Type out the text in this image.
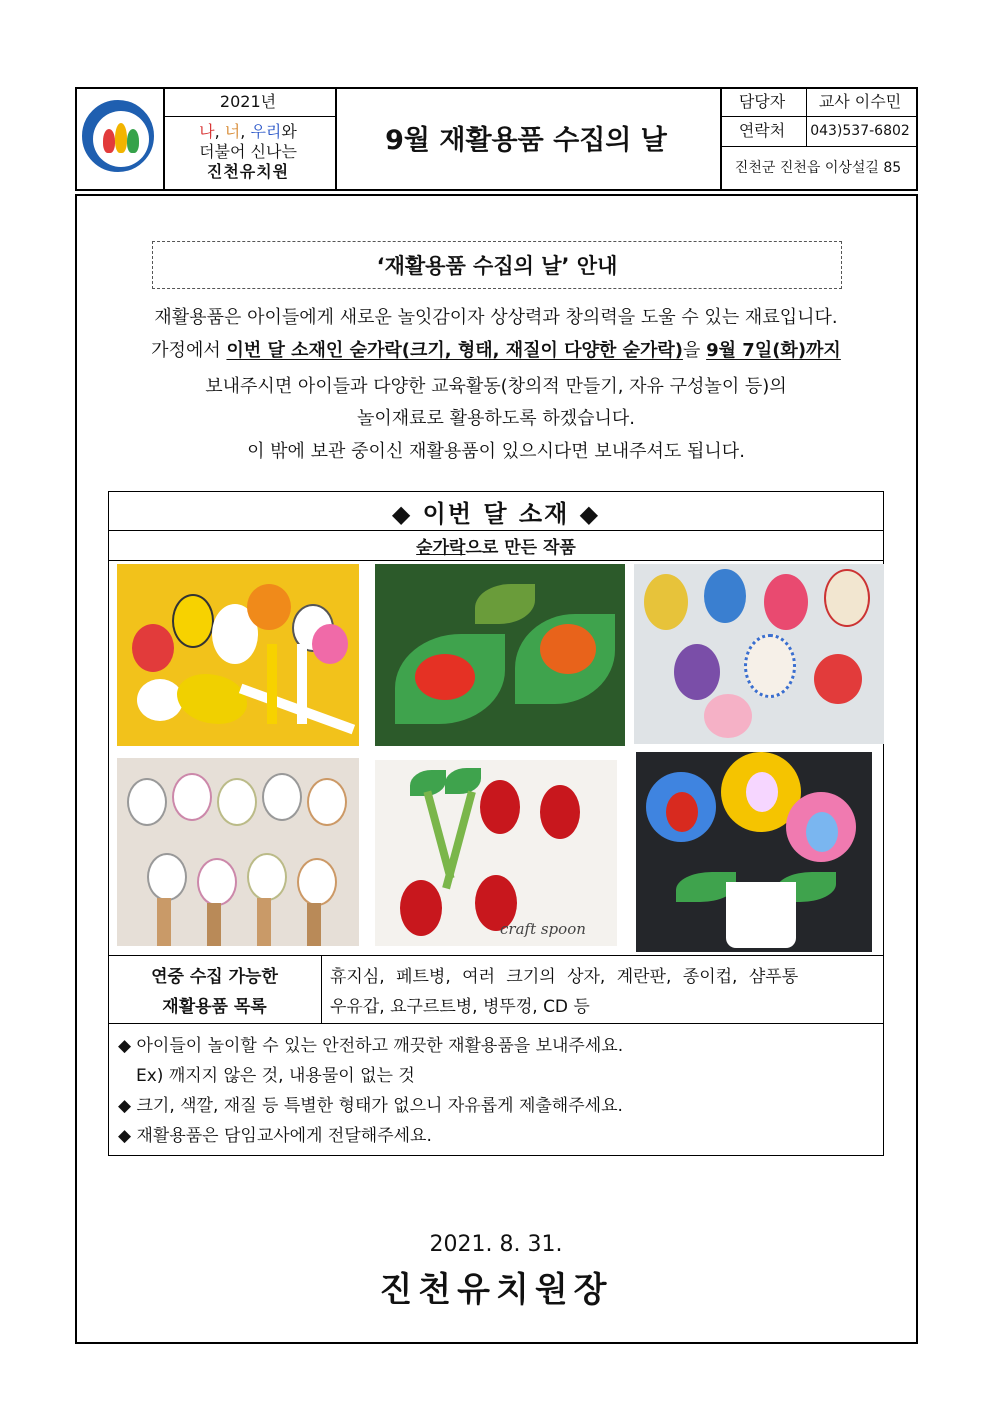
2021년
나, 너, 우리와
더불어 신나는
진천유치원
9월 재활용품 수집의 날
담당자	교사 이수민
연락처	043)537-6802
진천군 진천읍 이상설길 85
‘재활용품 수집의 날’ 안내
재활용품은 아이들에게 새로운 놀잇감이자 상상력과 창의력을 도울 수 있는 재료입니다.
가정에서 이번 달 소재인 숟가락(크기, 형태, 재질이 다양한 숟가락)을 9월 7일(화)까지
보내주시면 아이들과 다양한 교육활동(창의적 만들기, 자유 구성놀이 등)의
놀이재료로 활용하도록 하겠습니다.
이 밖에 보관 중이신 재활용품이 있으시다면 보내주셔도 됩니다.
◆ 이번 달 소재 ◆
숟가락으로 만든 작품
craft spoon
연중 수집 가능한
재활용품 목록
휴지심, 페트병, 여러 크기의 상자, 계란판, 종이컵, 샴푸통
우유갑, 요구르트병, 병뚜껑, CD 등
◆ 아이들이 놀이할 수 있는 안전하고 깨끗한 재활용품을 보내주세요.
Ex) 깨지지 않은 것, 내용물이 없는 것
◆ 크기, 색깔, 재질 등 특별한 형태가 없으니 자유롭게 제출해주세요.
◆ 재활용품은 담임교사에게 전달해주세요.
2021. 8. 31.
진천유치원장
